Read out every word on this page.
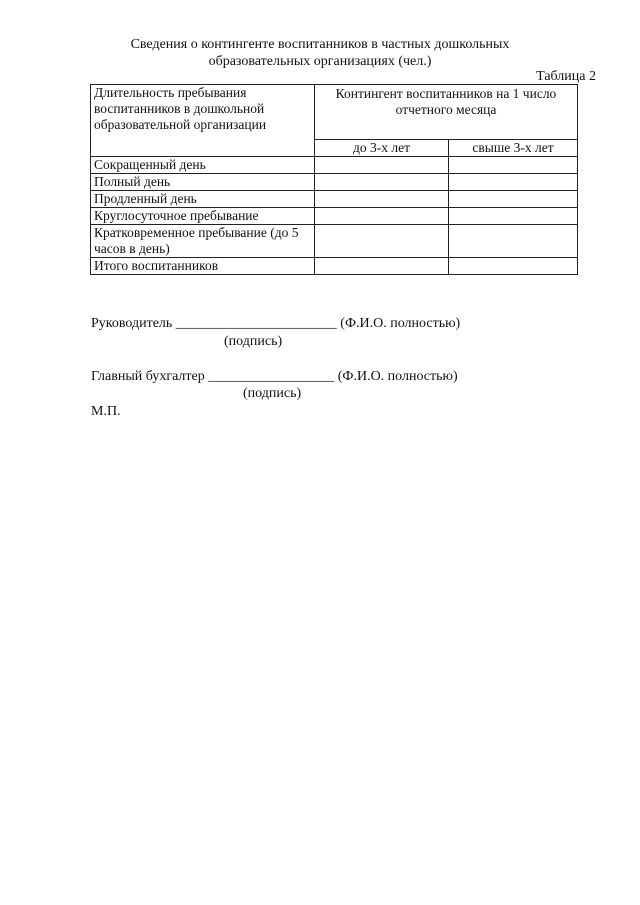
Сведения о контингенте воспитанников в частных дошкольных
образовательных организациях (чел.)
Таблица 2
Длительность пребывания воспитанников в дошкольной образовательной организации	Контингент воспитанников на 1 число отчетного месяца	
	до 3-х лет	свыше 3-х лет
Сокращенный день		
Полный день		
Продленный день		
Круглосуточное пребывание		
Кратковременное пребывание (до 5 часов в день)		
Итого воспитанников		
Руководитель _______________________ (Ф.И.О. полностью)
(подпись)
Главный бухгалтер __________________ (Ф.И.О. полностью)
(подпись)
М.П.
